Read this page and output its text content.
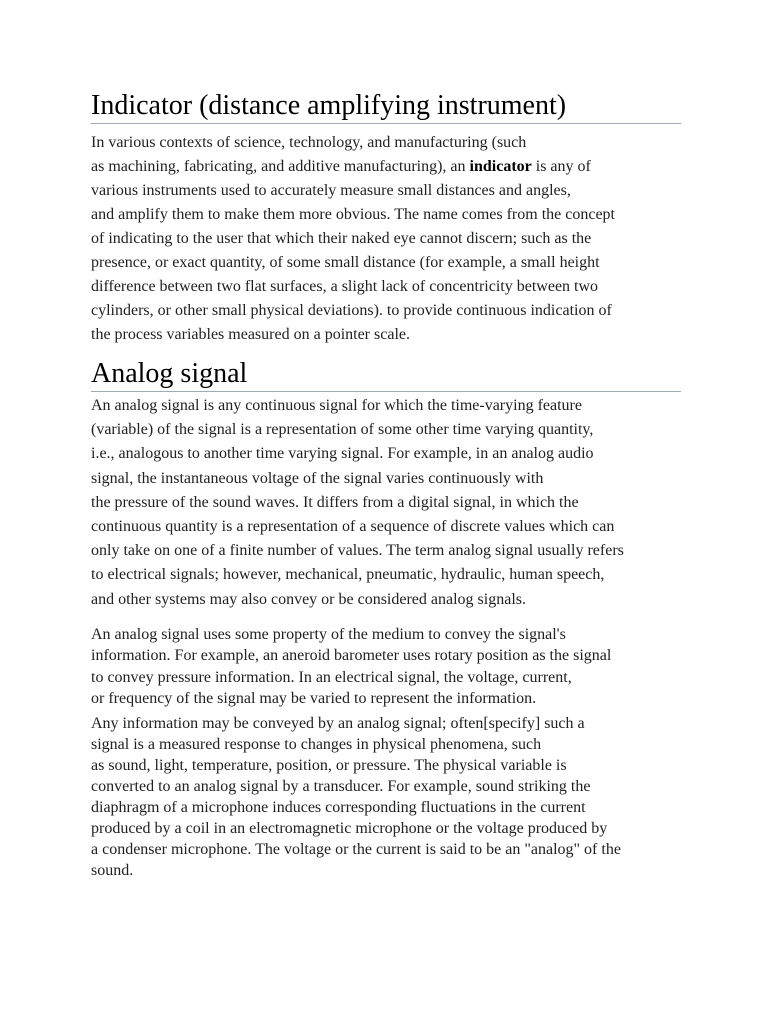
Indicator (distance amplifying instrument)

In various contexts of science, technology, and manufacturing (such
as machining, fabricating, and additive manufacturing), an indicator is any of
various instruments used to accurately measure small distances and angles,
and amplify them to make them more obvious. The name comes from the concept
of indicating to the user that which their naked eye cannot discern; such as the
presence, or exact quantity, of some small distance (for example, a small height
difference between two flat surfaces, a slight lack of concentricity between two
cylinders, or other small physical deviations). to provide continuous indication of
the process variables measured on a pointer scale.

Analog signal

An analog signal is any continuous signal for which the time-varying feature
(variable) of the signal is a representation of some other time varying quantity,
i.e., analogous to another time varying signal. For example, in an analog audio
signal, the instantaneous voltage of the signal varies continuously with
the pressure of the sound waves. It differs from a digital signal, in which the
continuous quantity is a representation of a sequence of discrete values which can
only take on one of a finite number of values. The term analog signal usually refers
to electrical signals; however, mechanical, pneumatic, hydraulic, human speech,
and other systems may also convey or be considered analog signals.

An analog signal uses some property of the medium to convey the signal's
information. For example, an aneroid barometer uses rotary position as the signal
to convey pressure information. In an electrical signal, the voltage, current,
or frequency of the signal may be varied to represent the information.

Any information may be conveyed by an analog signal; often[specify] such a
signal is a measured response to changes in physical phenomena, such
as sound, light, temperature, position, or pressure. The physical variable is
converted to an analog signal by a transducer. For example, sound striking the
diaphragm of a microphone induces corresponding fluctuations in the current
produced by a coil in an electromagnetic microphone or the voltage produced by
a condenser microphone. The voltage or the current is said to be an "analog" of the
sound.
